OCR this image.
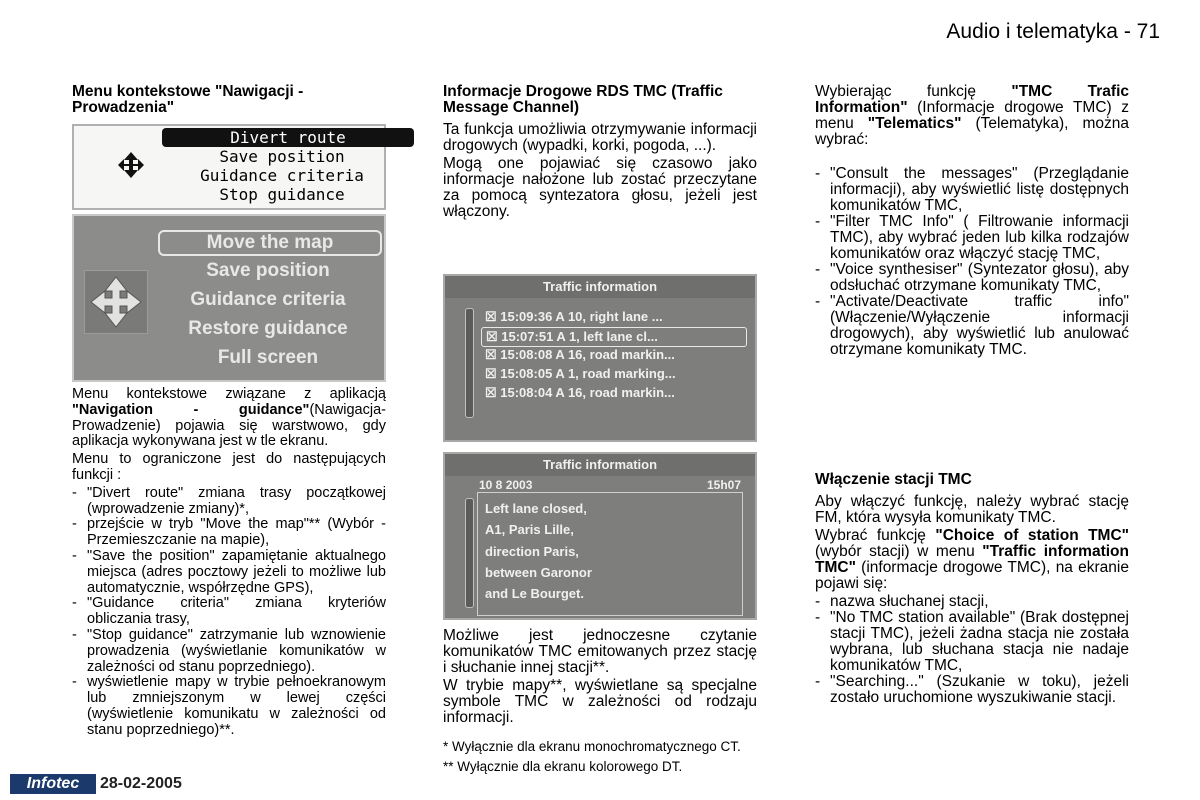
Audio i telematyka - 71
Menu kontekstowe "Nawigacji - Prowadzenia"
Divert route
Save position
Guidance criteria
Stop guidance
Move the map
Save position
Guidance criteria
Restore guidance
Full screen

Menu kontekstowe związane z aplikacją "Navigation - guidance"(Nawigacja-Prowadzenie) pojawia się warstwowo, gdy aplikacja wykonywana jest w tle ekranu.

Menu to ograniczone jest do następujących funkcji :

- "Divert route" zmiana trasy początkowej (wprowadzenie zmiany)*,
- przejście w tryb "Move the map"** (Wybór - Przemieszczanie na mapie),
- "Save the position" zapamiętanie aktualnego miejsca (adres pocztowy jeżeli to możliwe lub automatycznie, współrzędne GPS),
- "Guidance criteria" zmiana kryteriów obliczania trasy,
- "Stop guidance" zatrzymanie lub wznowienie prowadzenia (wyświetlanie komunikatów w zależności od stanu poprzedniego).
- wyświetlenie mapy w trybie pełnoekranowym lub zmniejszonym w lewej części (wyświetlenie komunikatu w zależności od stanu poprzedniego)**.
Informacje Drogowe RDS TMC (Traffic Message Channel)

Ta funkcja umożliwia otrzymywanie informacji drogowych (wypadki, korki, pogoda, ...).

Mogą one pojawiać się czasowo jako informacje nałożone lub zostać przeczytane za pomocą syntezatora głosu, jeżeli jest włączony.

Traffic information
☒ 15:09:36 A 10, right lane ...
☒ 15:07:51 A 1, left lane cl...
☒ 15:08:08 A 16, road markin...
☒ 15:08:05 A 1, road marking...
☒ 15:08:04 A 16, road markin...
Traffic information
10 8 2003	15h07
Left lane closed,
A1, Paris Lille,
direction Paris,
between Garonor
and Le Bourget.

Możliwe jest jednoczesne czytanie komunikatów TMC emitowanych przez stację i słuchanie innej stacji**.

W trybie mapy**, wyświetlane są specjalne symbole TMC w zależności od rodzaju informacji.

* Wyłącznie dla ekranu monochromatycznego CT.
** Wyłącznie dla ekranu kolorowego DT.

Wybierając funkcję "TMC Trafic Information" (Informacje drogowe TMC) z menu "Telematics" (Telematyka), można wybrać:

- "Consult the messages" (Przeglądanie informacji), aby wyświetlić listę dostępnych komunikatów TMC,
- "Filter TMC Info" ( Filtrowanie informacji TMC), aby wybrać jeden lub kilka rodzajów komunikatów oraz włączyć stację TMC,
- "Voice synthesiser" (Syntezator głosu), aby odsłuchać otrzymane komunikaty TMC,
- "Activate/Deactivate traffic info" (Włączenie/Wyłączenie informacji drogowych), aby wyświetlić lub anulować otrzymane komunikaty TMC.
Włączenie stacji TMC

Aby włączyć funkcję, należy wybrać stację FM, która wysyła komunikaty TMC.

Wybrać funkcję "Choice of station TMC" (wybór stacji) w menu "Traffic information TMC" (informacje drogowe TMC), na ekranie pojawi się:

- nazwa słuchanej stacji,
- "No TMC station available" (Brak dostępnej stacji TMC), jeżeli żadna stacja nie została wybrana, lub słuchana stacja nie nadaje komunikatów TMC,
- "Searching..." (Szukanie w toku), jeżeli zostało uruchomione wyszukiwanie stacji.
Infotec	28-02-2005
